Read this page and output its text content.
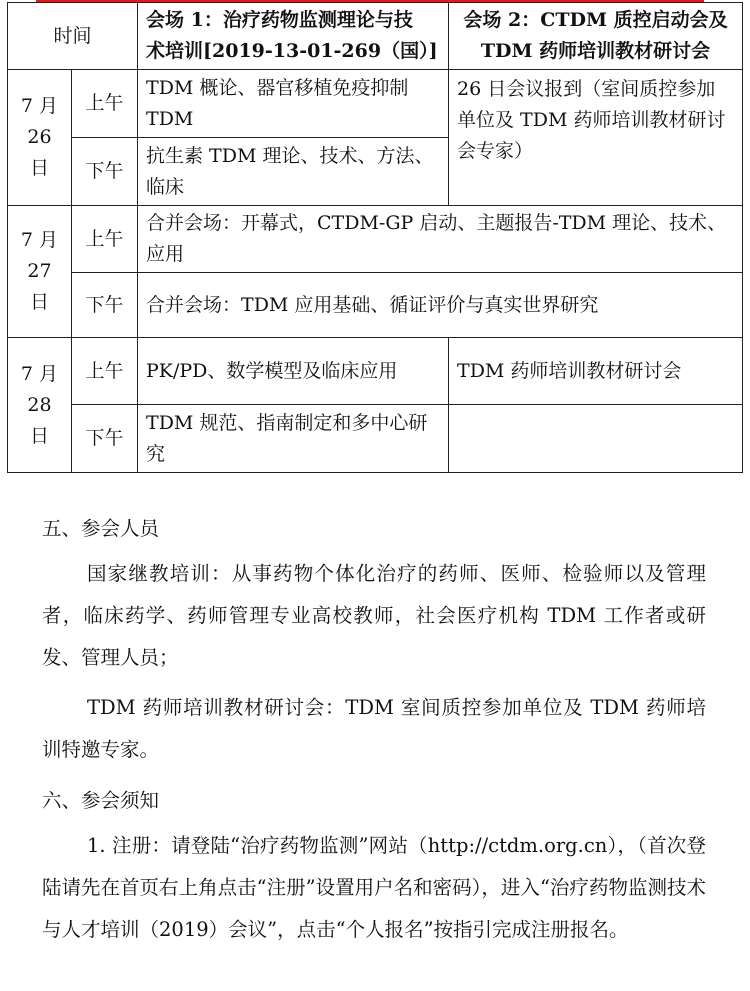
时间		会场 1：治疗药物监测理论与技
术培训[2019-13-01-269（国）]	会场 2：CTDM 质控启动会及
TDM 药师培训教材研讨会
7 月
26 日	上午	TDM 概论、器官移植免疫抑制TDM	26 日会议报到（室间质控参加单位及 TDM 药师培训教材研讨会专家）
	下午	抗生素 TDM 理论、技术、方法、临床	
7 月
27 日	上午	合并会场：开幕式，CTDM-GP 启动、主题报告-TDM 理论、技术、应用	
	下午	合并会场：TDM 应用基础、循证评价与真实世界研究	
7 月
28 日	上午	PK/PD、数学模型及临床应用	TDM 药师培训教材研讨会
	下午	TDM 规范、指南制定和多中心研究	

五、参会人员

国家继教培训：从事药物个体化治疗的药师、医师、检验师以及管理者，临床药学、药师管理专业高校教师，社会医疗机构 TDM 工作者或研发、管理人员；

TDM 药师培训教材研讨会：TDM 室间质控参加单位及 TDM 药师培训特邀专家。

六、参会须知

1. 注册：请登陆“治疗药物监测”网站（http://ctdm.org.cn），（首次登陆请先在首页右上角点击“注册”设置用户名和密码），进入“治疗药物监测技术与人才培训（2019）会议”，点击“个人报名”按指引完成注册报名。
